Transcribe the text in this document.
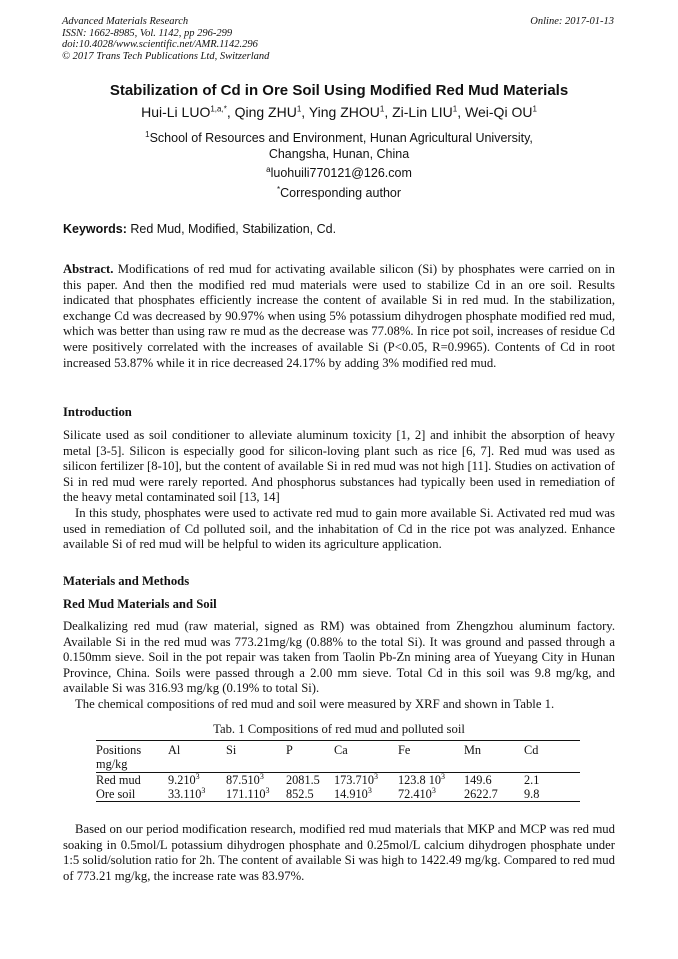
Advanced Materials Research
ISSN: 1662-8985, Vol. 1142, pp 296-299
doi:10.4028/www.scientific.net/AMR.1142.296
© 2017 Trans Tech Publications Ltd, Switzerland
Online: 2017-01-13
Stabilization of Cd in Ore Soil Using Modified Red Mud Materials
Hui-Li $LUO^{1,a,*}$, Qing ZHU$^1$, Ying ZHOU$^1$, Zi-Lin LIU$^1$, Wei-Qi $OU^1$
$^1$School of Resources and Environment, Hunan Agricultural University,
Changsha, Hunan, China
$^a$luohuili770121@126.com
*Corresponding author
Keywords: Red Mud, Modified, Stabilization, Cd.
Abstract. Modifications of red mud for activating available silicon (Si) by phosphates were carried on in this paper. And then the modified red mud materials were used to stabilize Cd in an ore soil. Results indicated that phosphates efficiently increase the content of available Si in red mud. In the stabilization, exchange Cd was decreased by 90.97% when using 5% potassium dihydrogen phosphate modified red mud, which was better than using raw re mud as the decrease was 77.08%. In rice pot soil, increases of residue Cd were positively correlated with the increases of available Si (P<0.05, R=0.9965). Contents of Cd in root increased 53.87% while it in rice decreased 24.17% by adding 3% modified red mud.
Introduction
Silicate used as soil conditioner to alleviate aluminum toxicity [1, 2] and inhibit the absorption of heavy metal [3-5]. Silicon is especially good for silicon-loving plant such as rice [6, 7]. Red mud was used as silicon fertilizer [8-10], but the content of available Si in red mud was not high [11]. Studies on activation of Si in red mud were rarely reported. And phosphorus substances had typically been used in remediation of the heavy metal contaminated soil [13, 14]
In this study, phosphates were used to activate red mud to gain more available Si. Activated red mud was used in remediation of Cd polluted soil, and the inhabitation of Cd in the rice pot was analyzed. Enhance available Si of red mud will be helpful to widen its agriculture application.
Materials and Methods
Red Mud Materials and Soil
Dealkalizing red mud (raw material, signed as RM) was obtained from Zhengzhou aluminum factory. Available Si in the red mud was 773.21mg/kg (0.88% to the total Si). It was ground and passed through a 0.150mm sieve. Soil in the pot repair was taken from Taolin Pb-Zn mining area of Yueyang City in Hunan Province, China. Soils were passed through a 2.00 mm sieve. Total Cd in this soil was 9.8 mg/kg, and available Si was 316.93 mg/kg (0.19% to total Si).
The chemical compositions of red mud and soil were measured by XRF and shown in Table 1.
Tab. 1 Compositions of red mud and polluted soil
Positions
mg/kg	Al	Si	P	Ca	Fe	Mn	Cd
Red mud	9.210$^3$	87.510$^3$	2081.5	173.710$^3$	123.8 $10^3$	149.6	2.1
Ore soil	33.110$^3$	171.110$^3$	852.5	14.910$^3$	72.410$^3$	2622.7	9.8
Based on our period modification research, modified red mud materials that MKP and MCP was red mud soaking in 0.5mol/L potassium dihydrogen phosphate and 0.25mol/L calcium dihydrogen phosphate under 1:5 solid/solution ratio for 2h. The content of available Si was high to 1422.49 mg/kg. Compared to red mud of 773.21 mg/kg, the increase rate was 83.97%.
